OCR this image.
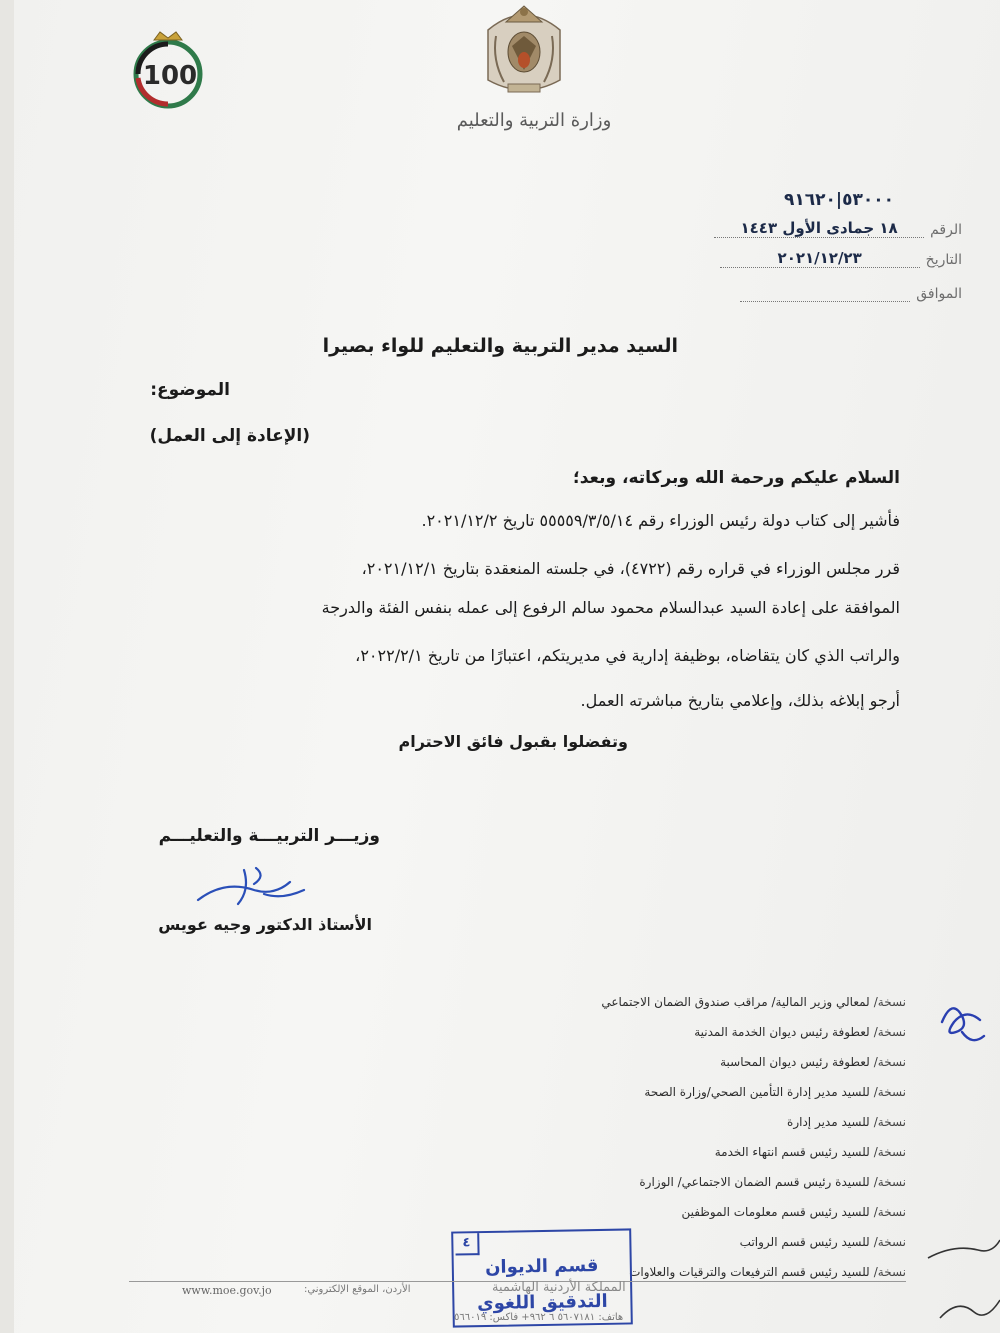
100
وزارة التربية والتعليم
٥٣٠٠٠|٩١٦٢٠
الرقم
١٨ جمادى الأول ١٤٤٣
التاريخ
٢٠٢١/١٢/٢٣
الموافق
السيد مدير التربية والتعليم للواء بصيرا
الموضوع:
(الإعادة إلى العمل)
السلام عليكم ورحمة الله وبركاته، وبعد؛
فأشير إلى كتاب دولة رئيس الوزراء رقم ٥٥٥٥٩/٣/٥/١٤ تاريخ ٢٠٢١/١٢/٢.
قرر مجلس الوزراء في قراره رقم (٤٧٢٢)، في جلسته المنعقدة بتاريخ ٢٠٢١/١٢/١،
الموافقة على إعادة السيد عبدالسلام محمود سالم الرفوع إلى عمله بنفس الفئة والدرجة
والراتب الذي كان يتقاضاه، بوظيفة إدارية في مديريتكم، اعتبارًا من تاريخ ٢٠٢٢/٢/١،
أرجو إبلاغه بذلك، وإعلامي بتاريخ مباشرته العمل.
وتفضلوا بقبول فائق الاحترام
وزيـــر التربيـــة والتعليـــم
الأستاذ الدكتور وجيه عويس
نسخة/
لمعالي وزير المالية/ مراقب صندوق الضمان الاجتماعي
نسخة/
لعطوفة رئيس ديوان الخدمة المدنية
نسخة/
لعطوفة رئيس ديوان المحاسبة
نسخة/
للسيد مدير إدارة التأمين الصحي/وزارة الصحة
نسخة/
للسيد مدير إدارة
نسخة/
للسيد رئيس قسم انتهاء الخدمة
نسخة/
للسيدة رئيس قسم الضمان الاجتماعي/ الوزارة
نسخة/
للسيد رئيس قسم معلومات الموظفين
نسخة/
للسيد رئيس قسم الرواتب
نسخة/
للسيد رئيس قسم الترفيعات والترقيات والعلاوات
٤
قسم الديوان
التدقيق اللغوي
www.moe.gov.jo	الأردن، الموقع الإلكتروني:	المملكة الأردنية الهاشمية
هاتف: ٥٦٠٧١٨١ ٦ ٩٦٢+ فاكس: ٥٦٦٠١٩
